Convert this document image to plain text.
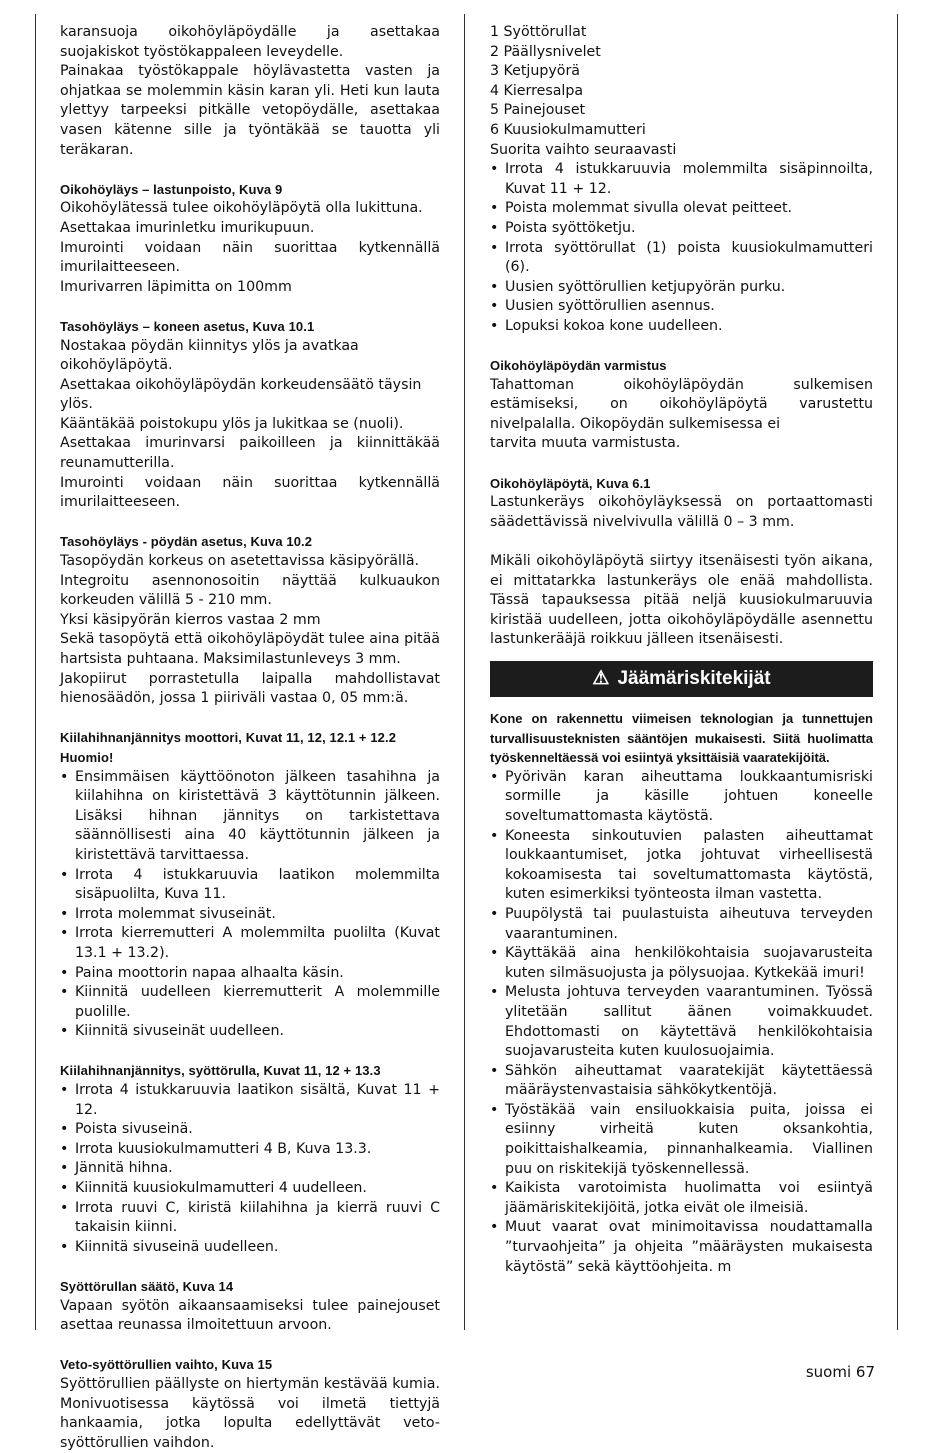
karansuoja oikohöyläpöydälle ja asettakaa suojakiskot työstökappaleen leveydelle.

Painakaa työstökappale höylävastetta vasten ja ohjatkaa se molemmin käsin karan yli. Heti kun lauta ylettyy tarpeeksi pitkälle vetopöydälle, asettakaa vasen kätenne sille ja työntäkää se tauotta yli teräkaran.

Oikohöyläys – lastunpoisto, Kuva 9

Oikohöylätessä tulee oikohöyläpöytä olla lukittuna.

Asettakaa imurinletku imurikupuun.

Imurointi voidaan näin suorittaa kytkennällä imurilaitteeseen.

Imurivarren läpimitta on 100mm

Tasohöyläys – koneen asetus, Kuva 10.1

Nostakaa pöydän kiinnitys ylös ja avatkaa oikohöyläpöytä.

Asettakaa oikohöyläpöydän korkeudensäätö täysin ylös.

Kääntäkää poistokupu ylös ja lukitkaa se (nuoli).

Asettakaa imurinvarsi paikoilleen ja kiinnittäkää reunamutterilla.

Imurointi voidaan näin suorittaa kytkennällä imurilaitteeseen.

Tasohöyläys - pöydän asetus, Kuva 10.2

Tasopöydän korkeus on asetettavissa käsipyörällä.

Integroitu asennonosoitin näyttää kulkuaukon korkeuden välillä 5 - 210 mm.

Yksi käsipyörän kierros vastaa 2 mm

Sekä tasopöytä että oikohöyläpöydät tulee aina pitää hartsista puhtaana. Maksimilastunleveys 3 mm.

Jakopiirut porrastetulla laipalla mahdollistavat hienosäädön, jossa 1 piiriväli vastaa 0, 05 mm:ä.

Kiilahihnanjännitys moottori, Kuvat 11, 12, 12.1 + 12.2

Huomio!

• Ensimmäisen käyttöönoton jälkeen tasahihna ja kiilahihna on kiristettävä 3 käyttötunnin jälkeen. Lisäksi hihnan jännitys on tarkistettava säännöllisesti aina 40 käyttötunnin jälkeen ja kiristettävä tarvittaessa.
• Irrota 4 istukkaruuvia laatikon molemmilta sisäpuolilta, Kuva 11.
• Irrota molemmat sivuseinät.
• Irrota kierremutteri A molemmilta puolilta (Kuvat 13.1 + 13.2).
• Paina moottorin napaa alhaalta käsin.
• Kiinnitä uudelleen kierremutterit A molemmille puolille.
• Kiinnitä sivuseinät uudelleen.

Kiilahihnanjännitys, syöttörulla, Kuvat 11, 12 + 13.3

• Irrota 4 istukkaruuvia laatikon sisältä, Kuvat 11 + 12.
• Poista sivuseinä.
• Irrota kuusiokulmamutteri 4 B, Kuva 13.3.
• Jännitä hihna.
• Kiinnitä kuusiokulmamutteri 4 uudelleen.
• Irrota ruuvi C, kiristä kiilahihna ja kierrä ruuvi C takaisin kiinni.
• Kiinnitä sivuseinä uudelleen.

Syöttörullan säätö, Kuva 14

Vapaan syötön aikaansaamiseksi tulee painejouset asettaa reunassa ilmoitettuun arvoon.

Veto-syöttörullien vaihto, Kuva 15

Syöttörullien päällyste on hiertymän kestävää kumia. Monivuotisessa käytössä voi ilmetä tiettyjä hankaamia, jotka lopulta edellyttävät veto-syöttörullien vaihdon.

1 Syöttörullat

2 Päällysnivelet

3 Ketjupyörä

4 Kierresalpa

5 Painejouset

6 Kuusiokulmamutteri

Suorita vaihto seuraavasti

• Irrota 4 istukkaruuvia molemmilta sisäpinnoilta, Kuvat 11 + 12.
• Poista molemmat sivulla olevat peitteet.
• Poista syöttöketju.
• Irrota syöttörullat (1) poista kuusiokulmamutteri (6).
• Uusien syöttörullien ketjupyörän purku.
• Uusien syöttörullien asennus.
• Lopuksi kokoa kone uudelleen.

Oikohöyläpöydän varmistus

Tahattoman oikohöyläpöydän sulkemisen estämiseksi, on oikohöyläpöytä varustettu nivelpalalla. Oikopöydän sulkemisessa ei

tarvita muuta varmistusta.

Oikohöyläpöytä, Kuva 6.1

Lastunkeräys oikohöyläyksessä on portaattomasti säädettävissä nivelvivulla välillä 0 – 3 mm.

Mikäli oikohöyläpöytä siirtyy itsenäisesti työn aikana, ei mittatarkka lastunkeräys ole enää mahdollista. Tässä tapauksessa pitää neljä kuusiokulmaruuvia kiristää uudelleen, jotta oikohöyläpöydälle asennettu lastunkerääjä roikkuu jälleen itsenäisesti.

⚠ Jäämäriskitekijät

Kone on rakennettu viimeisen teknologian ja tunnettujen turvallisuusteknisten sääntöjen mukaisesti. Siitä huolimatta työskenneltäessä voi esiintyä yksittäisiä vaaratekijöitä.

• Pyörivän karan aiheuttama loukkaantumisriski sormille ja käsille johtuen koneelle soveltumattomasta käytöstä.
• Koneesta sinkoutuvien palasten aiheuttamat loukkaantumiset, jotka johtuvat virheellisestä kokoamisesta tai soveltumattomasta käytöstä, kuten esimerkiksi työnteosta ilman vastetta.
• Puupölystä tai puulastuista aiheutuva terveyden vaarantuminen.
• Käyttäkää aina henkilökohtaisia suojavarusteita kuten silmäsuojusta ja pölysuojaa. Kytkekää imuri!
• Melusta johtuva terveyden vaarantuminen. Työssä ylitetään sallitut äänen voimakkuudet. Ehdottomasti on käytettävä henkilökohtaisia suojavarusteita kuten kuulosuojaimia.
• Sähkön aiheuttamat vaaratekijät käytettäessä määräystenvastaisia sähkökytkentöjä.
• Työstäkää vain ensiluokkaisia puita, joissa ei esiinny virheitä kuten oksankohtia, poikittaishalkeamia, pinnanhalkeamia. Viallinen puu on riskitekijä työskennellessä.
• Kaikista varotoimista huolimatta voi esiintyä jäämäriskitekijöitä, jotka eivät ole ilmeisiä.
• Muut vaarat ovat minimoitavissa noudattamalla ”turvaohjeita” ja ohjeita ”määräysten mukaisesta käytöstä” sekä käyttöohjeita. m
suomi 67
